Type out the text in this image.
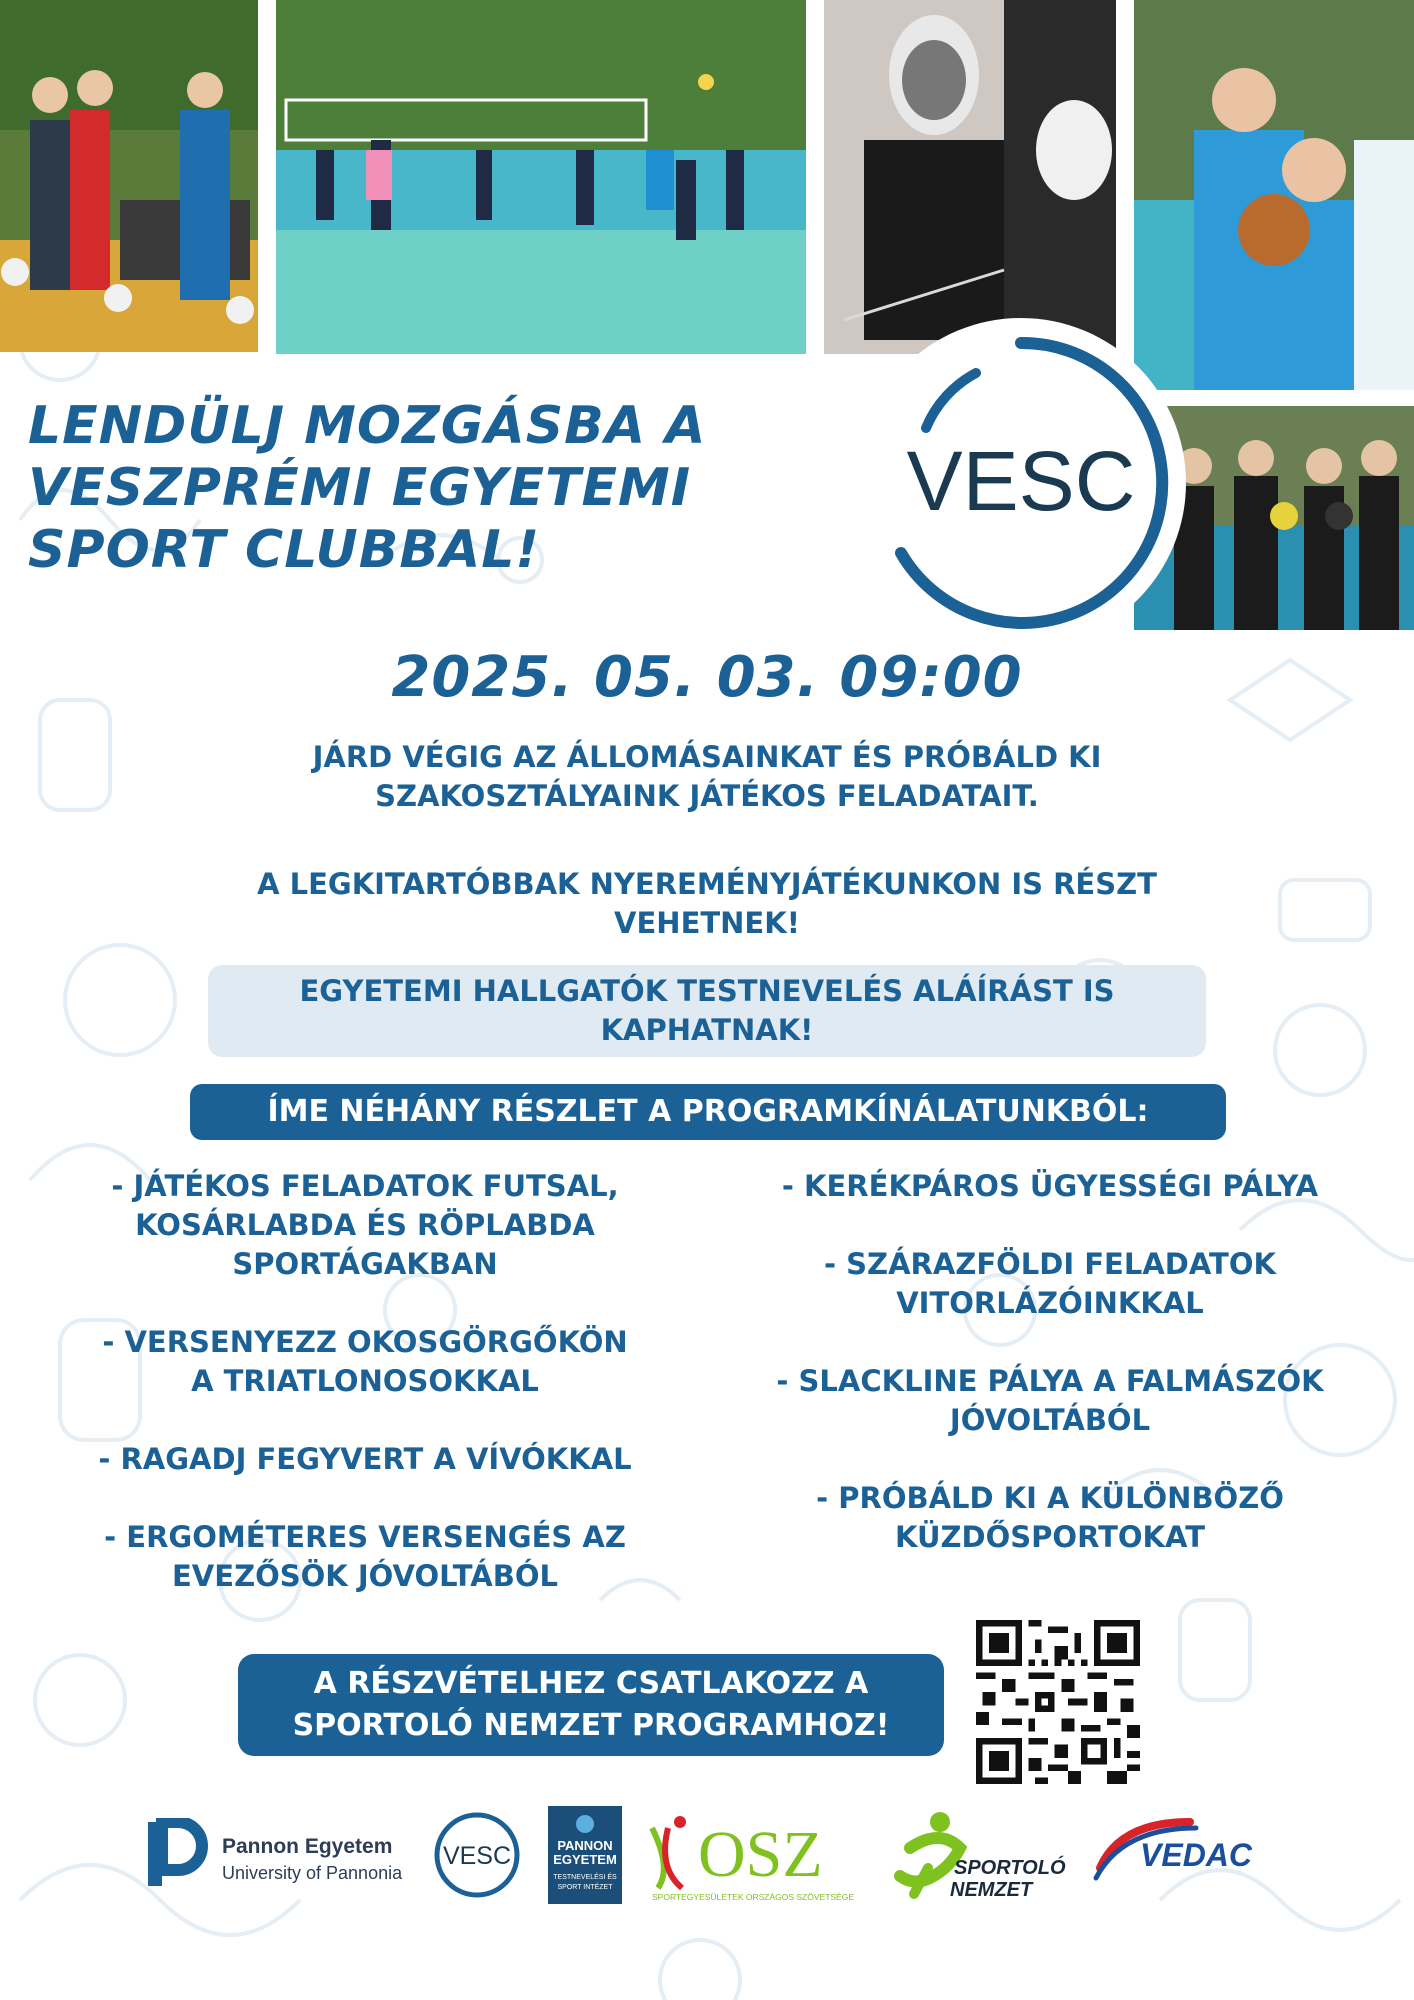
VESC
LENDÜLJ MOZGÁSBA A
VESZPRÉMI EGYETEMI
SPORT CLUBBAL!
2025. 05. 03. 09:00
JÁRD VÉGIG AZ ÁLLOMÁSAINKAT ÉS PRÓBÁLD KI
SZAKOSZTÁLYAINK JÁTÉKOS FELADATAIT.
A LEGKITARTÓBBAK NYEREMÉNYJÁTÉKUNKON IS RÉSZT
VEHETNEK!
EGYETEMI HALLGATÓK TESTNEVELÉS ALÁÍRÁST IS
KAPHATNAK!
ÍME NÉHÁNY RÉSZLET A PROGRAMKÍNÁLATUNKBÓL:
- JÁTÉKOS FELADATOK FUTSAL,
KOSÁRLABDA ÉS RÖPLABDA
SPORTÁGAKBAN
- VERSENYEZZ OKOSGÖRGŐKÖN
A TRIATLONOSOKKAL
- RAGADJ FEGYVERT A VÍVÓKKAL
- ERGOMÉTERES VERSENGÉS AZ
EVEZŐSÖK JÓVOLTÁBÓL
- KERÉKPÁROS ÜGYESSÉGI PÁLYA
- SZÁRAZFÖLDI FELADATOK
VITORLÁZÓINKKAL
- SLACKLINE PÁLYA A FALMÁSZÓK
JÓVOLTÁBÓL
- PRÓBÁLD KI A KÜLÖNBÖZŐ
KÜZDŐSPORTOKAT
A RÉSZVÉTELHEZ CSATLAKOZZ A
SPORTOLÓ NEMZET PROGRAMHOZ!
Pannon Egyetem
University of Pannonia
VESC	PANNON
EGYETEM
TESTNEVELÉSI ÉS
SPORT INTÉZET OSZ
SPORTEGYESÜLETEK ORSZÁGOS SZÖVETSÉGE
SPORTOLÓ
NEMZET
VEDAC
